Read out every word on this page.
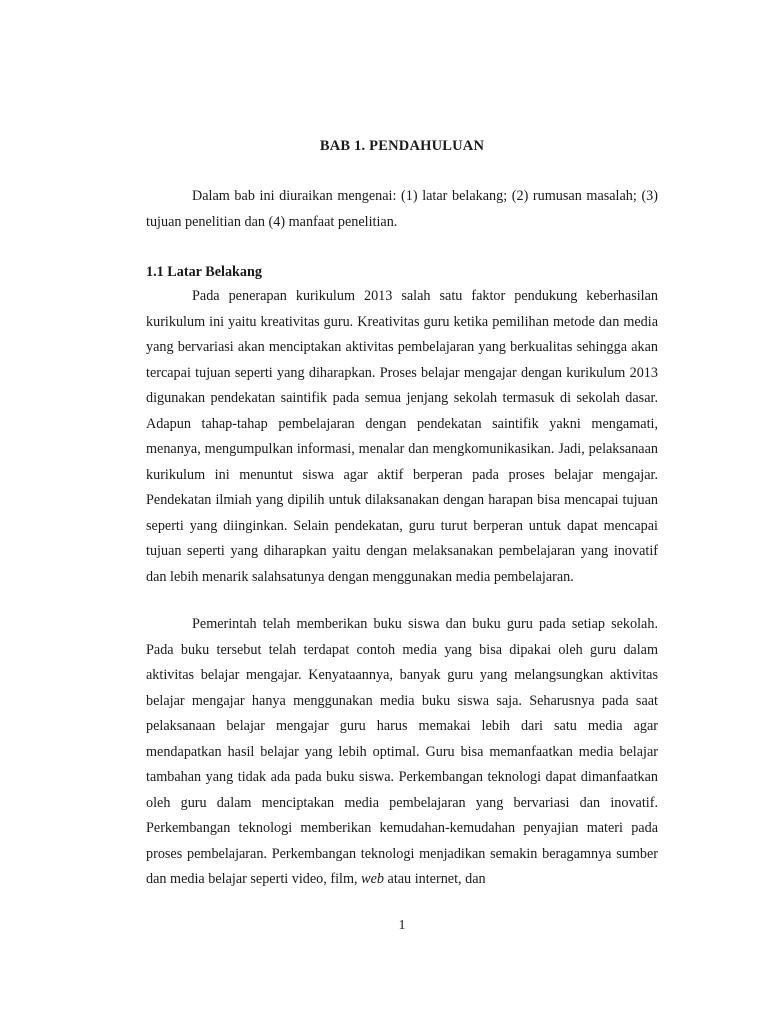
BAB 1. PENDAHULUAN

Dalam bab ini diuraikan mengenai: (1) latar belakang; (2) rumusan masalah; (3) tujuan penelitian dan (4) manfaat penelitian.

1.1 Latar Belakang

Pada penerapan kurikulum 2013 salah satu faktor pendukung keberhasilan kurikulum ini yaitu kreativitas guru. Kreativitas guru ketika pemilihan metode dan media yang bervariasi akan menciptakan aktivitas pembelajaran yang berkualitas sehingga akan tercapai tujuan seperti yang diharapkan. Proses belajar mengajar dengan kurikulum 2013 digunakan pendekatan saintifik pada semua jenjang sekolah termasuk di sekolah dasar. Adapun tahap-tahap pembelajaran dengan pendekatan saintifik yakni mengamati, menanya, mengumpulkan informasi, menalar dan mengkomunikasikan. Jadi, pelaksanaan kurikulum ini menuntut siswa agar aktif berperan pada proses belajar mengajar. Pendekatan ilmiah yang dipilih untuk dilaksanakan dengan harapan bisa mencapai tujuan seperti yang diinginkan. Selain pendekatan, guru turut berperan untuk dapat mencapai tujuan seperti yang diharapkan yaitu dengan melaksanakan pembelajaran yang inovatif dan lebih menarik salahsatunya dengan menggunakan media pembelajaran.

Pemerintah telah memberikan buku siswa dan buku guru pada setiap sekolah. Pada buku tersebut telah terdapat contoh media yang bisa dipakai oleh guru dalam aktivitas belajar mengajar. Kenyataannya, banyak guru yang melangsungkan aktivitas belajar mengajar hanya menggunakan media buku siswa saja. Seharusnya pada saat pelaksanaan belajar mengajar guru harus memakai lebih dari satu media agar mendapatkan hasil belajar yang lebih optimal. Guru bisa memanfaatkan media belajar tambahan yang tidak ada pada buku siswa. Perkembangan teknologi dapat dimanfaatkan oleh guru dalam menciptakan media pembelajaran yang bervariasi dan inovatif. Perkembangan teknologi memberikan kemudahan-kemudahan penyajian materi pada proses pembelajaran. Perkembangan teknologi menjadikan semakin beragamnya sumber dan media belajar seperti video, film, web atau internet, dan

1
